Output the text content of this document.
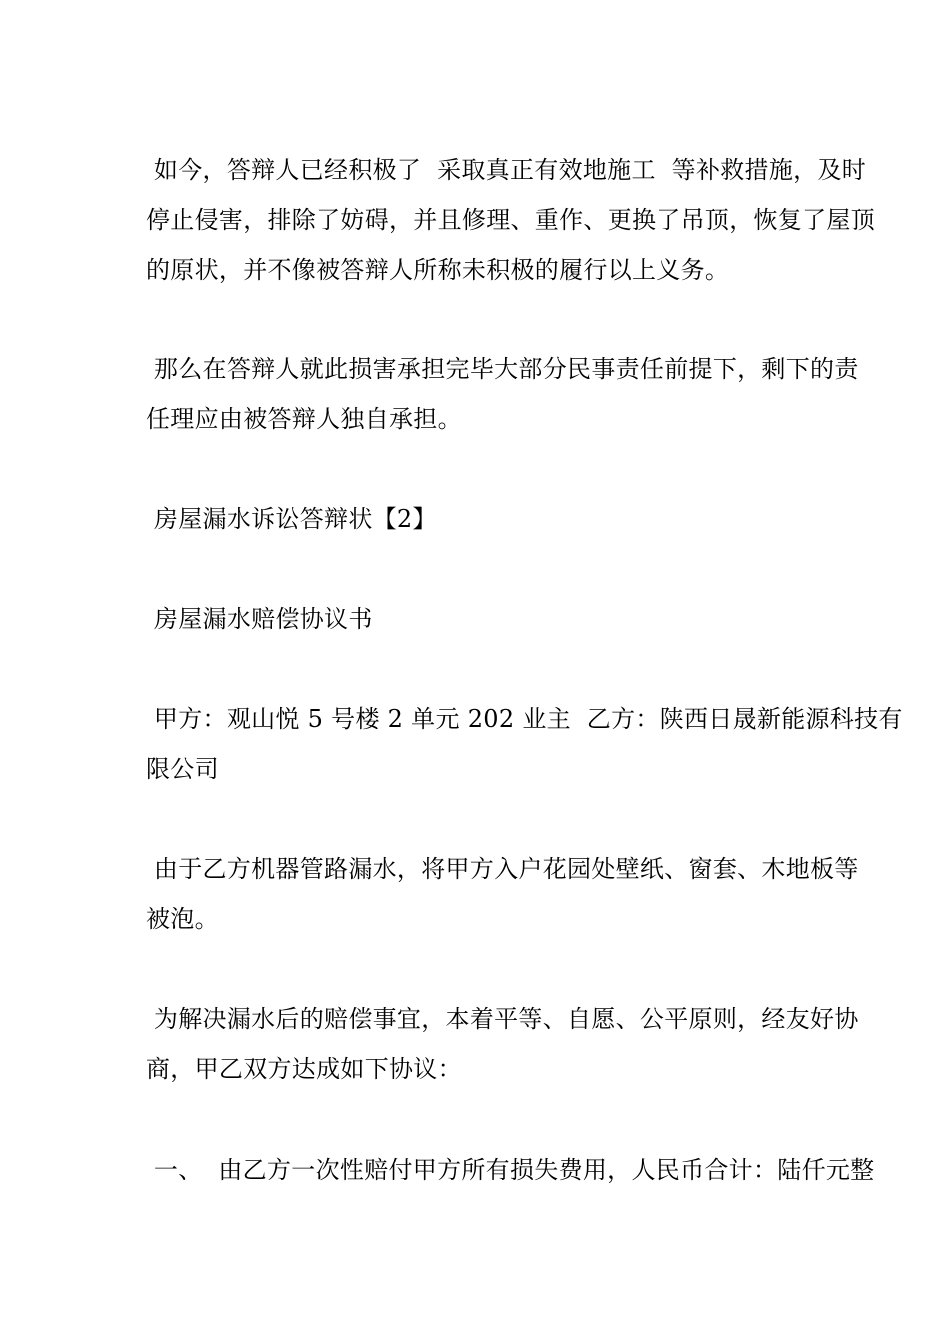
如今，答辩人已经积极了  采取真正有效地施工  等补救措施，及时
停止侵害，排除了妨碍，并且修理、重作、更换了吊顶，恢复了屋顶
的原状，并不像被答辩人所称未积极的履行以上义务。
那么在答辩人就此损害承担完毕大部分民事责任前提下，剩下的责
任理应由被答辩人独自承担。
房屋漏水诉讼答辩状【2】
房屋漏水赔偿协议书
甲方：观山悦 5 号楼 2 单元 202 业主  乙方：陕西日晟新能源科技有
限公司
由于乙方机器管路漏水，将甲方入户花园处壁纸、窗套、木地板等
被泡。
为解决漏水后的赔偿事宜，本着平等、自愿、公平原则，经友好协
商，甲乙双方达成如下协议：
一、  由乙方一次性赔付甲方所有损失费用，人民币合计：陆仟元整
